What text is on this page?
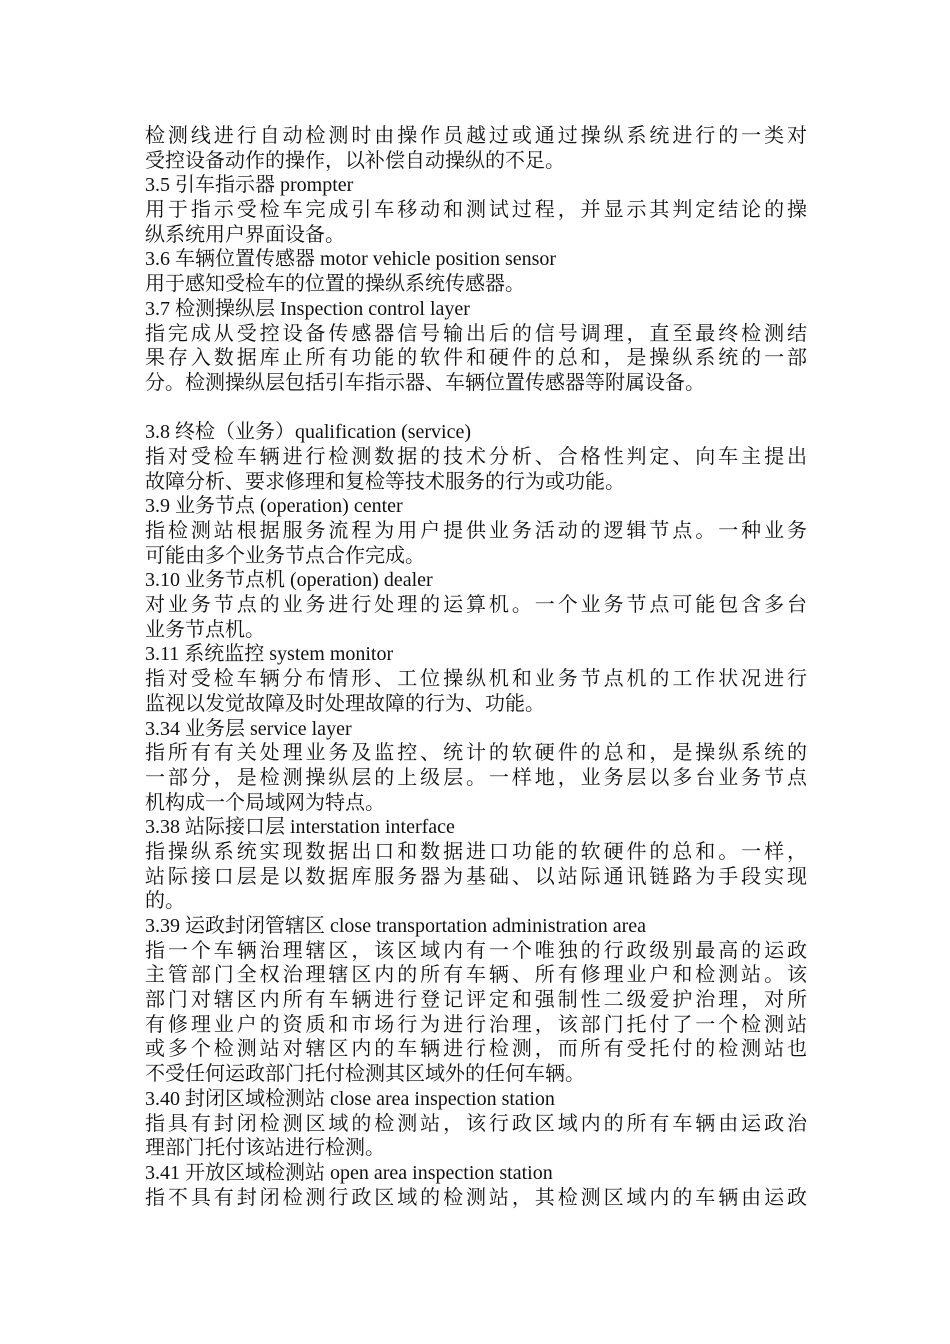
检测线进行自动检测时由操作员越过或通过操纵系统进行的一类对
受控设备动作的操作，以补偿自动操纵的不足。
3.5 引车指示器 prompter
用于指示受检车完成引车移动和测试过程，并显示其判定结论的操
纵系统用户界面设备。
3.6 车辆位置传感器 motor vehicle position sensor
用于感知受检车的位置的操纵系统传感器。
3.7 检测操纵层 Inspection control layer
指完成从受控设备传感器信号输出后的信号调理，直至最终检测结
果存入数据库止所有功能的软件和硬件的总和，是操纵系统的一部
分。检测操纵层包括引车指示器、车辆位置传感器等附属设备。
3.8 终检（业务）qualification (service)
指对受检车辆进行检测数据的技术分析、合格性判定、向车主提出
故障分析、要求修理和复检等技术服务的行为或功能。
3.9 业务节点 (operation) center
指检测站根据服务流程为用户提供业务活动的逻辑节点。一种业务
可能由多个业务节点合作完成。
3.10 业务节点机 (operation) dealer
对业务节点的业务进行处理的运算机。一个业务节点可能包含多台
业务节点机。
3.11 系统监控 system monitor
指对受检车辆分布情形、工位操纵机和业务节点机的工作状况进行
监视以发觉故障及时处理故障的行为、功能。
3.34 业务层 service layer
指所有有关处理业务及监控、统计的软硬件的总和，是操纵系统的
一部分，是检测操纵层的上级层。一样地，业务层以多台业务节点
机构成一个局域网为特点。
3.38 站际接口层 interstation interface
指操纵系统实现数据出口和数据进口功能的软硬件的总和。一样，
站际接口层是以数据库服务器为基础、以站际通讯链路为手段实现
的。
3.39 运政封闭管辖区 close transportation administration area
指一个车辆治理辖区，该区域内有一个唯独的行政级别最高的运政
主管部门全权治理辖区内的所有车辆、所有修理业户和检测站。该
部门对辖区内所有车辆进行登记评定和强制性二级爱护治理，对所
有修理业户的资质和市场行为进行治理，该部门托付了一个检测站
或多个检测站对辖区内的车辆进行检测，而所有受托付的检测站也
不受任何运政部门托付检测其区域外的任何车辆。
3.40 封闭区域检测站 close area inspection station
指具有封闭检测区域的检测站，该行政区域内的所有车辆由运政治
理部门托付该站进行检测。
3.41 开放区域检测站 open area inspection station
指不具有封闭检测行政区域的检测站，其检测区域内的车辆由运政
